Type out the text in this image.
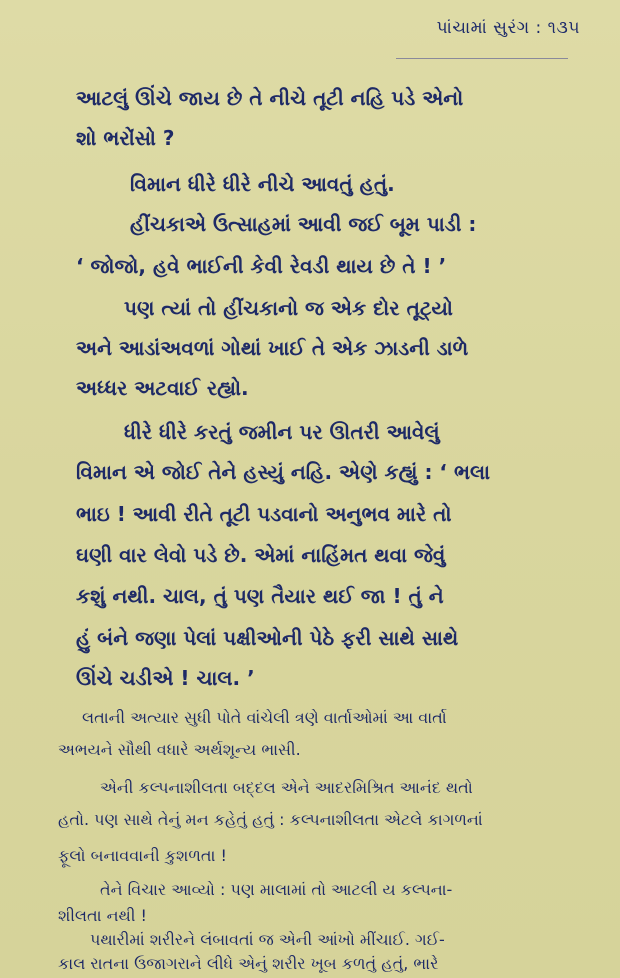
પાંચામાં સુરંગ : ૧૩૫
આટલું ઊંચે જાય છે તે નીચે તૂટી નહિ પડે એનો
શો ભરોંસો ?
વિમાન ધીરે ધીરે નીચે આવતું હતું.
હીંચકાએ ઉત્સાહમાં આવી જઈ બૂમ પાડી :
‘ જોજો, હવે ભાઈની કેવી રેવડી થાય છે તે ! ’
પણ ત્યાં તો હીંચકાનો જ એક દોર તૂટ્યો
અને આડાંઅવળાં ગોથાં ખાઈ તે એક ઝાડની ડાળે
અધ્ધર અટવાઈ રહ્યો.
ધીરે ધીરે કરતું જમીન પર ઊતરી આવેલું
વિમાન એ જોઈ તેને હસ્યું નહિ. એણે કહ્યું : ‘ ભલા
ભાઇ ! આવી રીતે તૂટી પડવાનો અનુભવ મારે તો
ઘણી વાર લેવો પડે છે. એમાં નાહિંમત થવા જેવું
કશું નથી. ચાલ, તું પણ તૈયાર થઈ જા ! તું ને
હું બંને જણા પેલાં પક્ષીઓની પેઠે ફરી સાથે સાથે
ઊંચે ચડીએ ! ચાલ. ’
લતાની અત્યાર સુધી પોતે વાંચેલી ત્રણે વાર્તાઓમાં આ વાર્તા
અભયને સૌથી વધારે અર્થશૂન્ય ભાસી.
એની કલ્પનાશીલતા બદ્દલ એને આદરમિશ્રિત આનંદ થતો
હતો. પણ સાથે તેનું મન કહેતું હતું : કલ્પનાશીલતા એટલે કાગળનાં
ફૂલો બનાવવાની કુશળતા !
તેને વિચાર આવ્યો : પણ માલામાં તો આટલી ય કલ્પના-
શીલતા નથી !
પથારીમાં શરીરને લંબાવતાં જ એની આંખો મીંચાઈ. ગઈ-
કાલ રાતના ઉજાગરાને લીધે એનું શરીર ખૂબ કળતું હતું, ભારે
